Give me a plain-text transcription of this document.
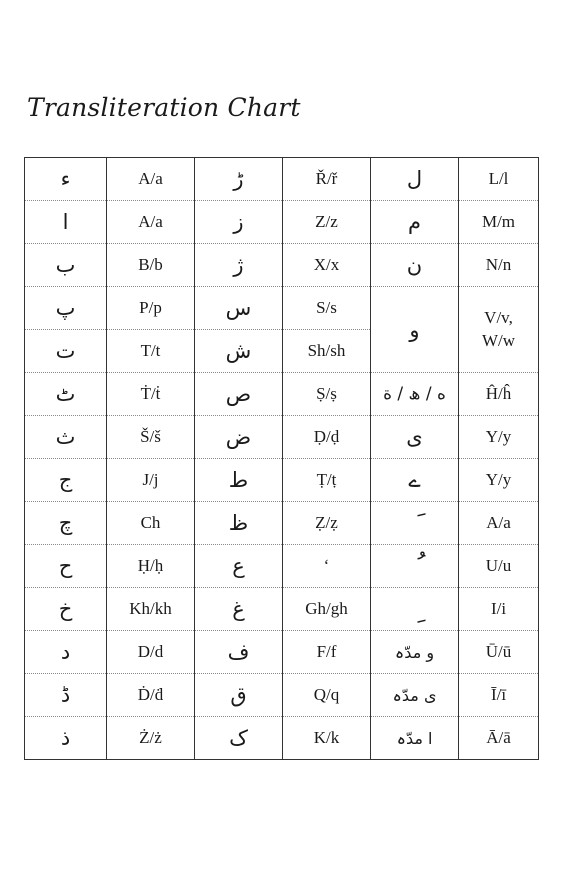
Transliteration Chart
ء	A/a	ڑ	Ř/ř	ل	L/l
ا	A/a	ز	Z/z	م	M/m
ب	B/b	ژ	X/x	ن	N/n
پ	P/p	س	S/s	و	V/v,
W/w
ت	T/t	ش	Sh/sh		
ٹ	Ṫ/ṫ	ص	Ṣ/ṣ	ه / ھ / ة	Ĥ/ĥ
ث	Š/š	ض	Ḍ/ḍ	ی	Y/y
ج	J/j	ط	Ṭ/ṭ	ے	Y/y
چ	Ch	ظ	Ẓ/ẓ		A/a
ح	Ḥ/ḥ	ع	‘		U/u
خ	Kh/kh	غ	Gh/gh		I/i
د	D/d	ف	F/f	و مدّہ	Ū/ū
ڈ	Ḋ/ḋ	ق	Q/q	ی مدّہ	Ī/ī
ذ	Ż/ż	ک	K/k	ا مدّہ	Ā/ā
